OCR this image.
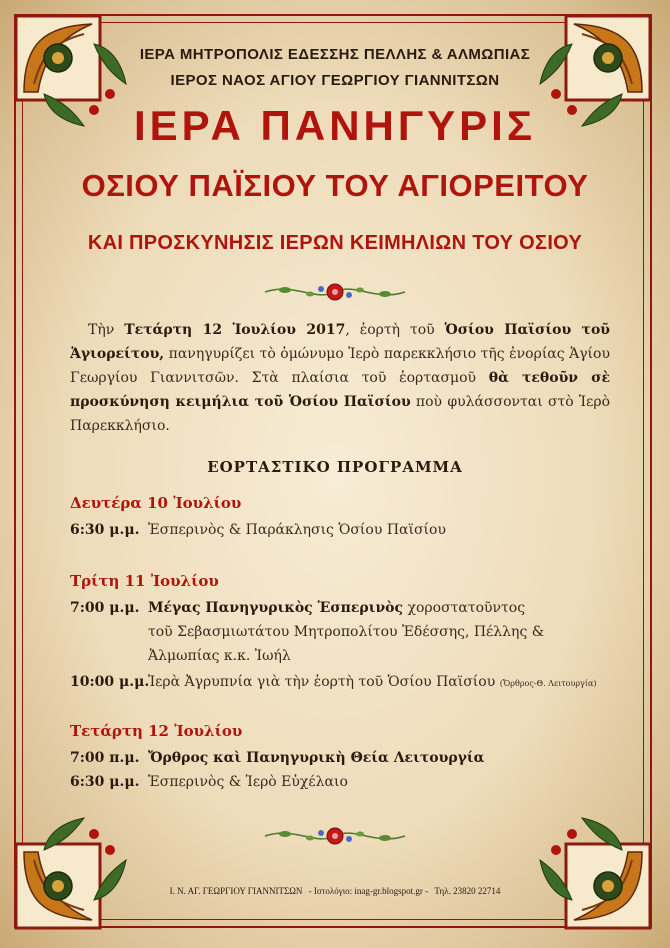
ΙΕΡΑ ΜΗΤΡΟΠΟΛΙΣ ΕΔΕΣΣΗΣ ΠΕΛΛΗΣ & ΑΛΜΩΠΙΑΣ
ΙΕΡΟΣ ΝΑΟΣ ΑΓΙΟΥ ΓΕΩΡΓΙΟΥ ΓΙΑΝΝΙΤΣΩΝ
ΙΕΡΑ ΠΑΝΗΓΥΡΙΣ
ΟΣΙΟΥ ΠΑΪΣΙΟΥ ΤΟΥ ΑΓΙΟΡΕΙΤΟΥ
ΚΑΙ ΠΡΟΣΚΥΝΗΣΙΣ ΙΕΡΩΝ ΚΕΙΜΗΛΙΩΝ ΤΟΥ ΟΣΙΟΥ
Τὴν Τετάρτη 12 Ἰουλίου 2017, ἑορτὴ τοῦ Ὁσίου Παϊσίου τοῦ Ἁγιορείτου, πανηγυρίζει τὸ ὁμώνυμο Ἱερὸ παρεκκλήσιο τῆς ἐνορίας Ἁγίου Γεωργίου Γιαννιτσῶν. Στὰ πλαίσια τοῦ ἑορτασμοῦ θὰ τεθοῦν σὲ προσκύνηση κειμήλια τοῦ Ὁσίου Παϊσίου ποὺ φυλάσσονται στὸ Ἱερὸ Παρεκκλήσιο.
ΕΟΡΤΑΣΤΙΚΟ ΠΡΟΓΡΑΜΜΑ
Δευτέρα 10 Ἰουλίου
6:30 μ.μ. Ἑσπερινὸς & Παράκλησις Ὁσίου Παϊσίου
Τρίτη 11 Ἰουλίου
7:00 μ.μ. Μέγας Πανηγυρικὸς Ἑσπερινὸς χοροστατοῦντος
τοῦ Σεβασμιωτάτου Μητροπολίτου Ἐδέσσης, Πέλλης &
Ἀλμωπίας κ.κ. Ἰωήλ
10:00 μ.μ.Ἱερὰ Ἀγρυπνία γιὰ τὴν ἑορτὴ τοῦ Ὁσίου Παϊσίου (Ὄρθρος-Θ. Λειτουργία)
Τετάρτη 12 Ἰουλίου
7:00 π.μ. Ὄρθρος καὶ Πανηγυρικὴ Θεία Λειτουργία
6:30 μ.μ. Ἑσπερινὸς & Ἱερὸ Εὐχέλαιο
Ι. Ν. ΑΓ. ΓΕΩΡΓΙΟΥ ΓΙΑΝΝΙΤΣΩΝ - Ιστολόγιο: inag-gr.blogspot.gr - Τηλ. 23820 22714
